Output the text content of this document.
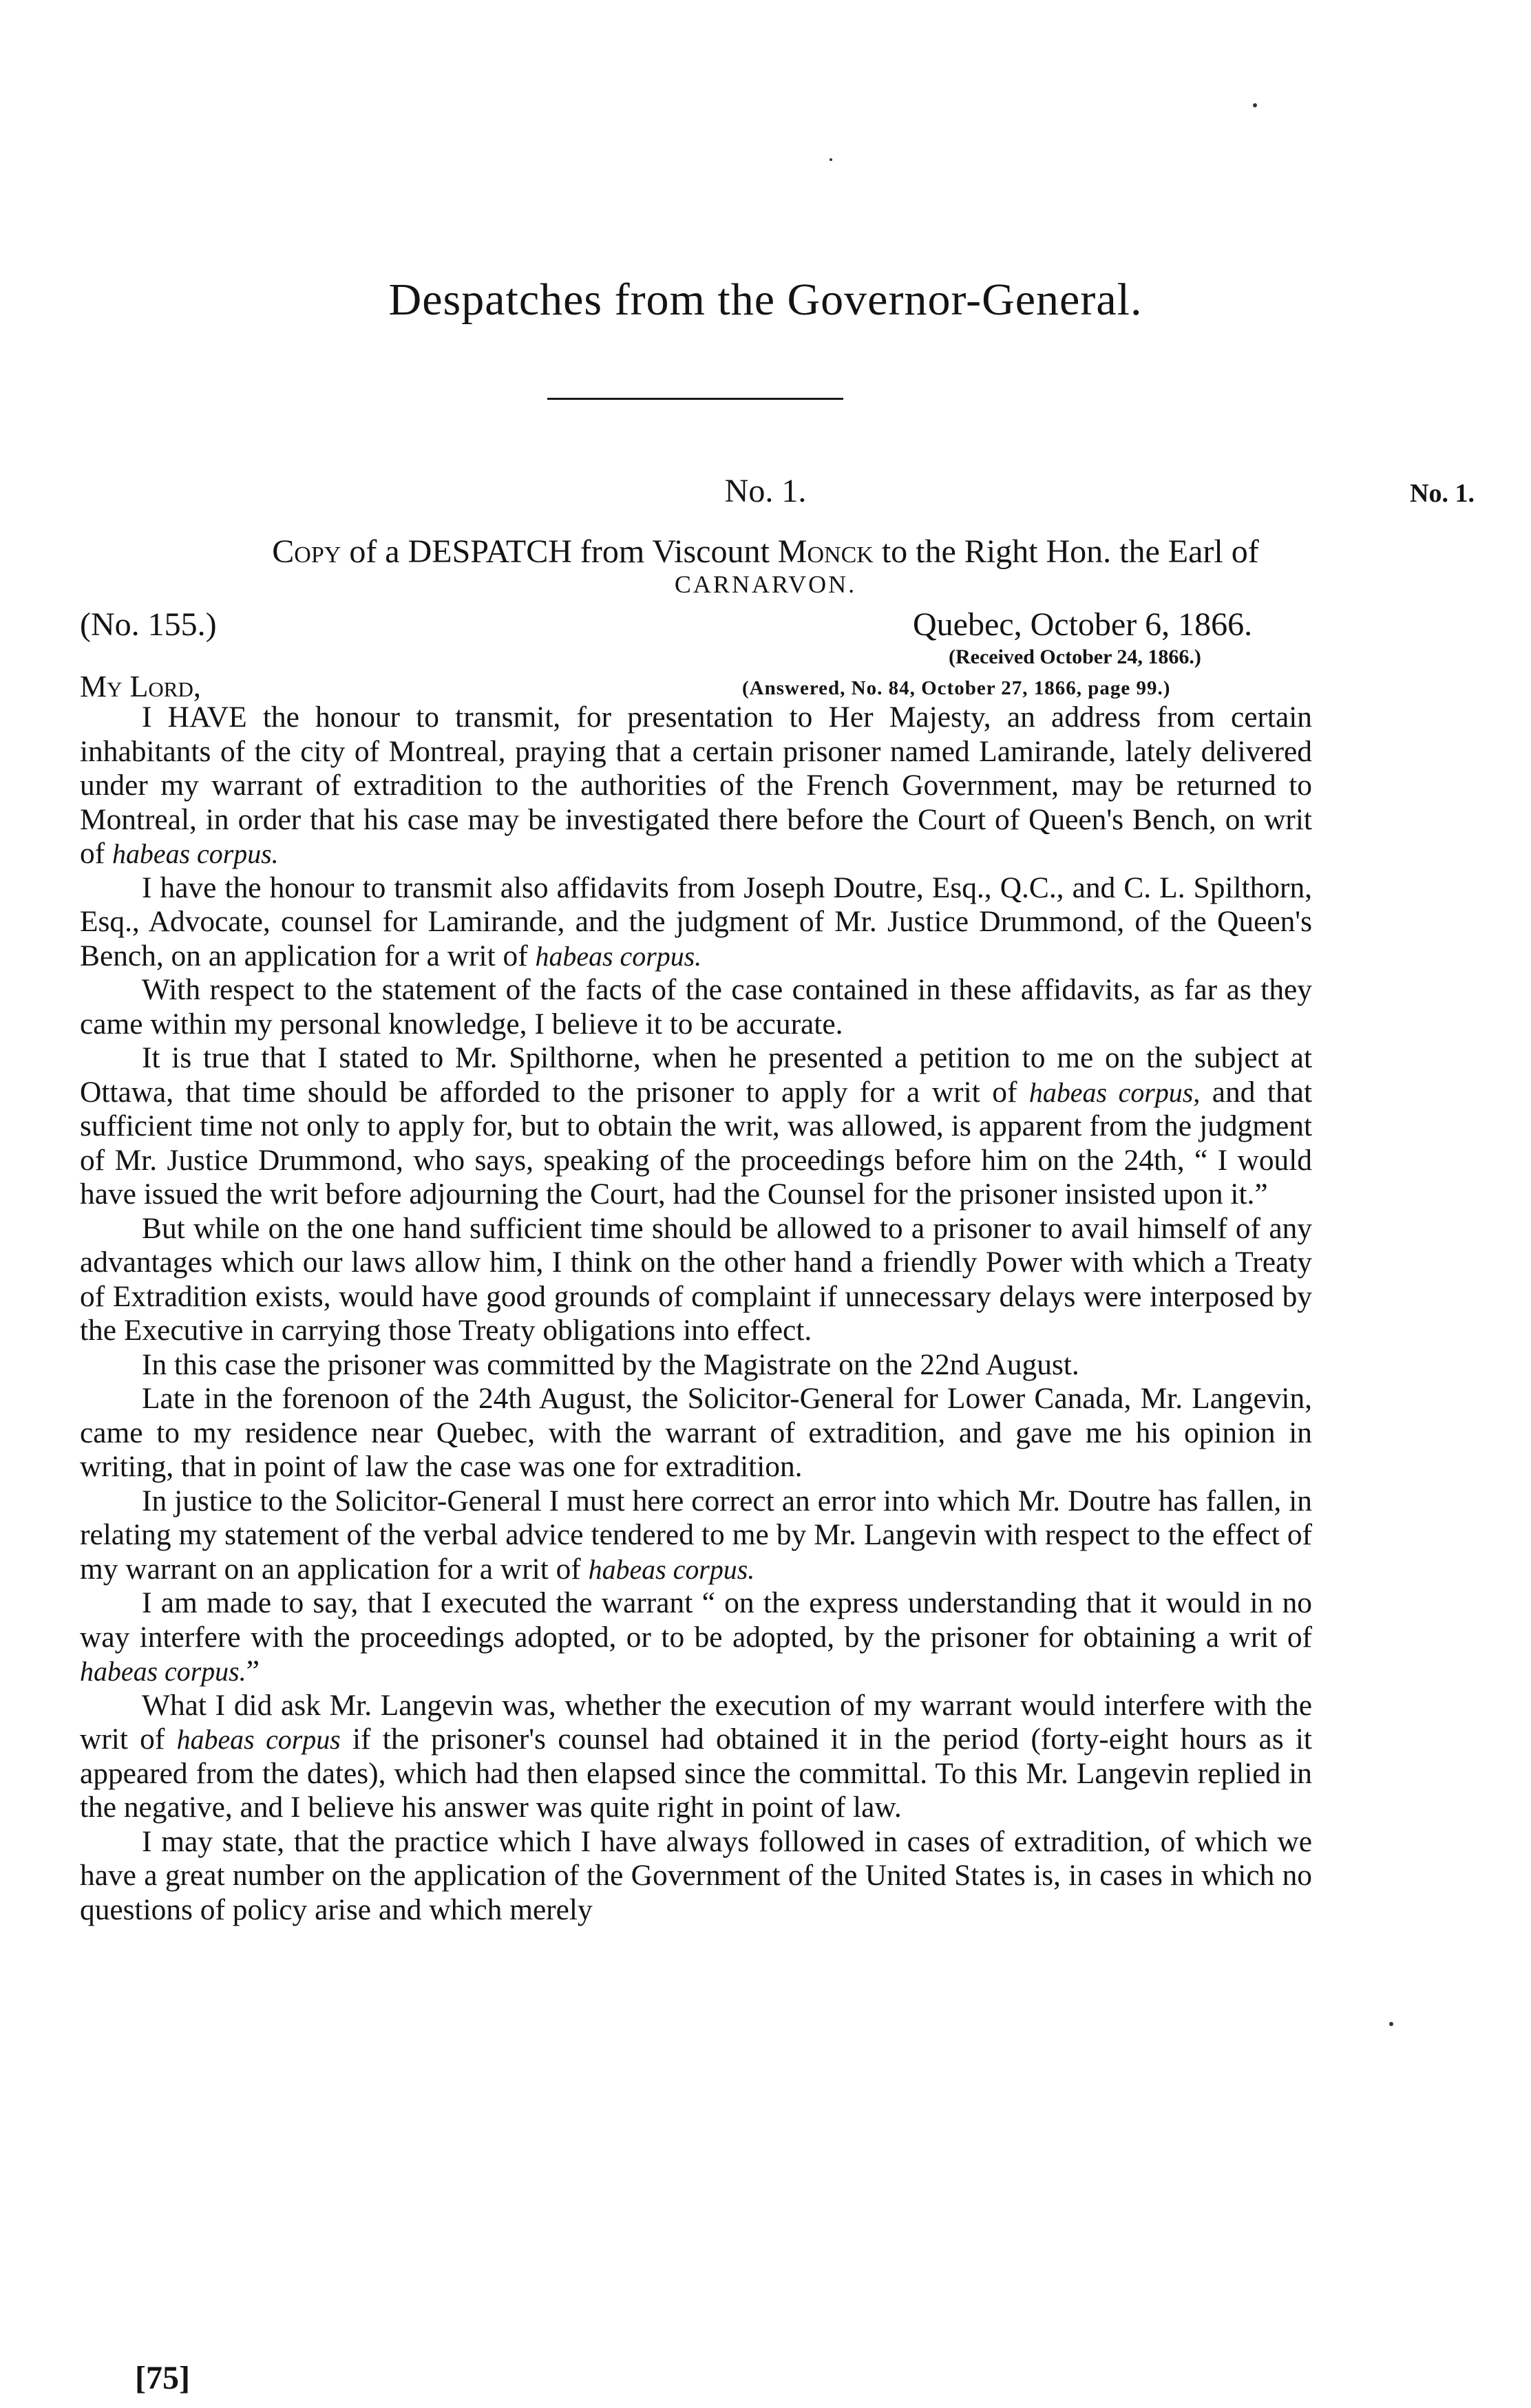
Despatches from the Governor-General.
No. 1.	No. 1.
Copy of a DESPATCH from Viscount Monck to the Right Hon. the Earl of
CARNARVON.
(No. 155.)	Quebec, October 6, 1866.
(Received October 24, 1866.)
My Lord,	(Answered, No. 84, October 27, 1866, page 99.)

I HAVE the honour to transmit, for presentation to Her Majesty, an address from certain inhabitants of the city of Montreal, praying that a certain prisoner named Lamirande, lately delivered under my warrant of extradition to the authorities of the French Government, may be returned to Montreal, in order that his case may be investigated there before the Court of Queen's Bench, on writ of habeas corpus.

I have the honour to transmit also affidavits from Joseph Doutre, Esq., Q.C., and C. L. Spilthorn, Esq., Advocate, counsel for Lamirande, and the judgment of Mr. Justice Drummond, of the Queen's Bench, on an application for a writ of habeas corpus.

With respect to the statement of the facts of the case contained in these affidavits, as far as they came within my personal knowledge, I believe it to be accurate.

It is true that I stated to Mr. Spilthorne, when he presented a petition to me on the subject at Ottawa, that time should be afforded to the prisoner to apply for a writ of habeas corpus, and that sufficient time not only to apply for, but to obtain the writ, was allowed, is apparent from the judgment of Mr. Justice Drummond, who says, speaking of the proceedings before him on the 24th, “ I would have issued the writ before adjourning the Court, had the Counsel for the prisoner insisted upon it.”

But while on the one hand sufficient time should be allowed to a prisoner to avail himself of any advantages which our laws allow him, I think on the other hand a friendly Power with which a Treaty of Extradition exists, would have good grounds of complaint if unnecessary delays were interposed by the Executive in carrying those Treaty obligations into effect.

In this case the prisoner was committed by the Magistrate on the 22nd August.

Late in the forenoon of the 24th August, the Solicitor-General for Lower Canada, Mr. Langevin, came to my residence near Quebec, with the warrant of extradition, and gave me his opinion in writing, that in point of law the case was one for extradition.

In justice to the Solicitor-General I must here correct an error into which Mr. Doutre has fallen, in relating my statement of the verbal advice tendered to me by Mr. Langevin with respect to the effect of my warrant on an application for a writ of habeas corpus.

I am made to say, that I executed the warrant “ on the express understanding that it would in no way interfere with the proceedings adopted, or to be adopted, by the prisoner for obtaining a writ of habeas corpus.”

What I did ask Mr. Langevin was, whether the execution of my warrant would interfere with the writ of habeas corpus if the prisoner's counsel had obtained it in the period (forty-eight hours as it appeared from the dates), which had then elapsed since the committal. To this Mr. Langevin replied in the negative, and I believe his answer was quite right in point of law.

I may state, that the practice which I have always followed in cases of extradition, of which we have a great number on the application of the Government of the United States is, in cases in which no questions of policy arise and which merely

[75]
